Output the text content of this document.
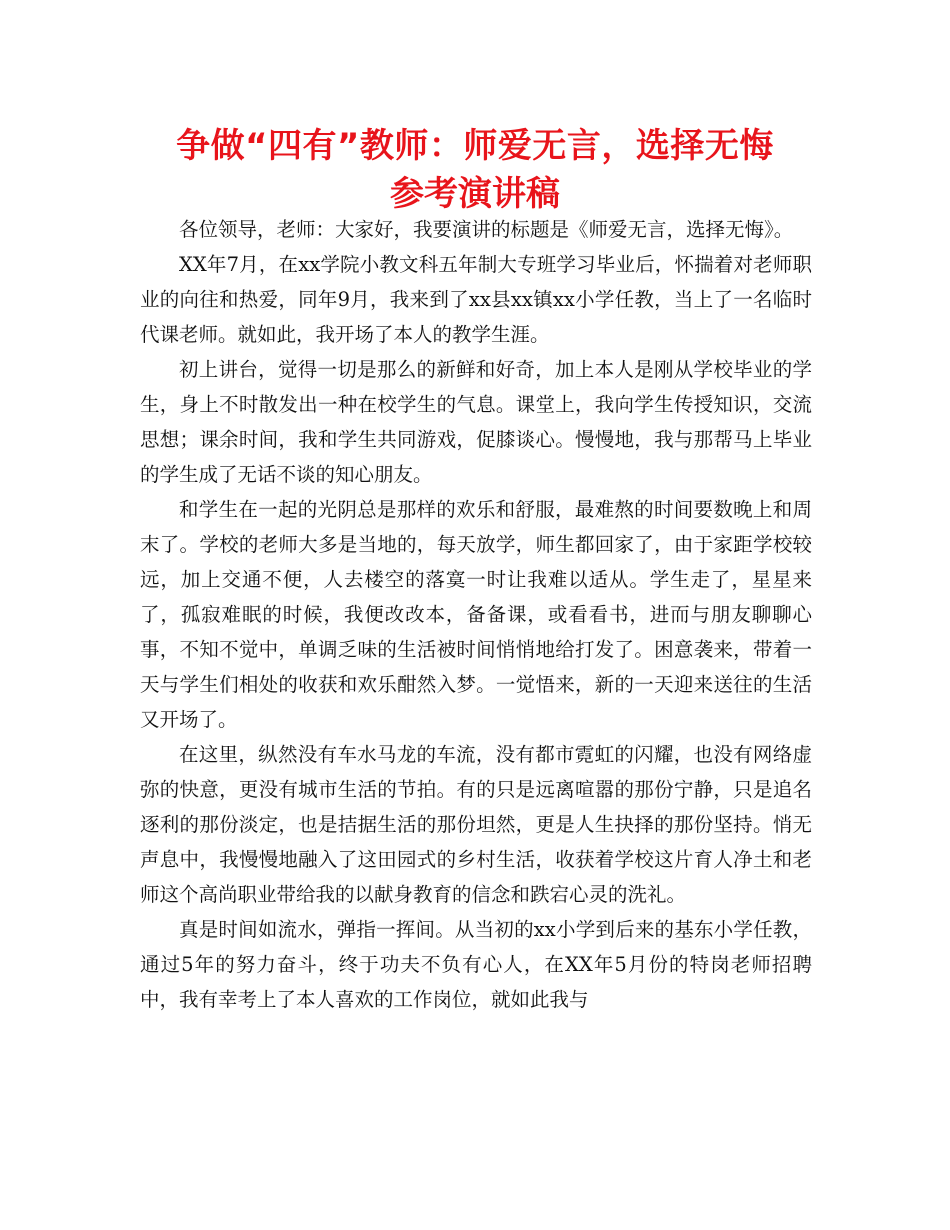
争做“四有”教师：师爱无言，选择无悔
参考演讲稿

各位领导，老师：大家好，我要演讲的标题是《师爱无言，选择无悔》。

XX年7月，在xx学院小教文科五年制大专班学习毕业后，怀揣着对老师职业的向往和热爱，同年9月，我来到了xx县xx镇xx小学任教，当上了一名临时代课老师。就如此，我开场了本人的教学生涯。

初上讲台，觉得一切是那么的新鲜和好奇，加上本人是刚从学校毕业的学生，身上不时散发出一种在校学生的气息。课堂上，我向学生传授知识，交流思想；课余时间，我和学生共同游戏，促膝谈心。慢慢地，我与那帮马上毕业的学生成了无话不谈的知心朋友。

和学生在一起的光阴总是那样的欢乐和舒服，最难熬的时间要数晚上和周末了。学校的老师大多是当地的，每天放学，师生都回家了，由于家距学校较远，加上交通不便，人去楼空的落寞一时让我难以适从。学生走了，星星来了，孤寂难眠的时候，我便改改本，备备课，或看看书，进而与朋友聊聊心事，不知不觉中，单调乏味的生活被时间悄悄地给打发了。困意袭来，带着一天与学生们相处的收获和欢乐酣然入梦。一觉悟来，新的一天迎来送往的生活又开场了。

在这里，纵然没有车水马龙的车流，没有都市霓虹的闪耀，也没有网络虚弥的快意，更没有城市生活的节拍。有的只是远离喧嚣的那份宁静，只是追名逐利的那份淡定，也是拮据生活的那份坦然，更是人生抉择的那份坚持。悄无声息中，我慢慢地融入了这田园式的乡村生活，收获着学校这片育人净土和老师这个高尚职业带给我的以献身教育的信念和跌宕心灵的洗礼。

真是时间如流水，弹指一挥间。从当初的xx小学到后来的基东小学任教，通过5年的努力奋斗，终于功夫不负有心人，在XX年5月份的特岗老师招聘中，我有幸考上了本人喜欢的工作岗位，就如此我与
